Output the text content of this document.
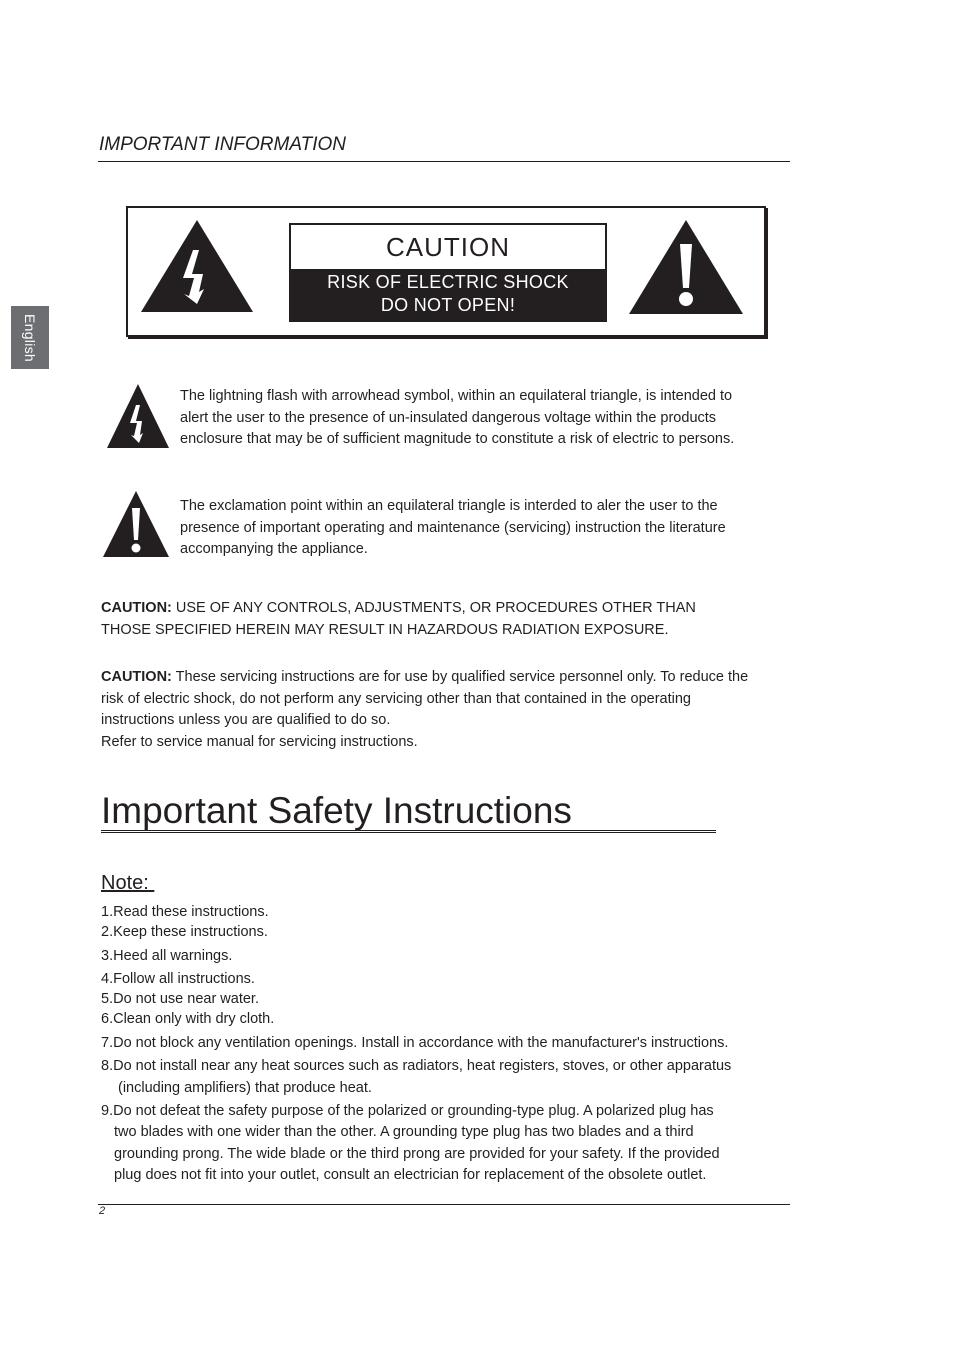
IMPORTANT INFORMATION
English
CAUTION
RISK OF ELECTRIC SHOCK
DO NOT OPEN!
The lightning flash with arrowhead symbol, within an equilateral triangle, is intended to alert the user to the presence of un-insulated dangerous voltage within the products enclosure that may be of sufficient magnitude to constitute a risk of electric to persons.
The exclamation point within an equilateral triangle is interded to aler the user to the presence of important operating and maintenance (servicing) instruction the literature accompanying the appliance.
CAUTION: USE OF ANY CONTROLS, ADJUSTMENTS, OR PROCEDURES OTHER THAN THOSE SPECIFIED HEREIN MAY RESULT IN HAZARDOUS RADIATION EXPOSURE.
CAUTION: These servicing instructions are for use by qualified service personnel only. To reduce the risk of electric shock, do not perform any servicing other than that contained in the operating instructions unless you are qualified to do so.
Refer to service manual for servicing instructions.
Important Safety Instructions
Note:
1.Read these instructions.
2.Keep these instructions.
3.Heed all warnings.
4.Follow all instructions.
5.Do not use near water.
6.Clean only with dry cloth.
7.Do not block any ventilation openings. Install in accordance with the manufacturer's instructions.
8.Do not install near any heat sources such as radiators, heat registers, stoves, or other apparatus
(including amplifiers) that produce heat.
9.Do not defeat the safety purpose of the polarized or grounding-type plug. A polarized plug has
two blades with one wider than the other. A grounding type plug has two blades and a third
grounding prong. The wide blade or the third prong are provided for your safety. If the provided
plug does not fit into your outlet, consult an electrician for replacement of the obsolete outlet.
2
